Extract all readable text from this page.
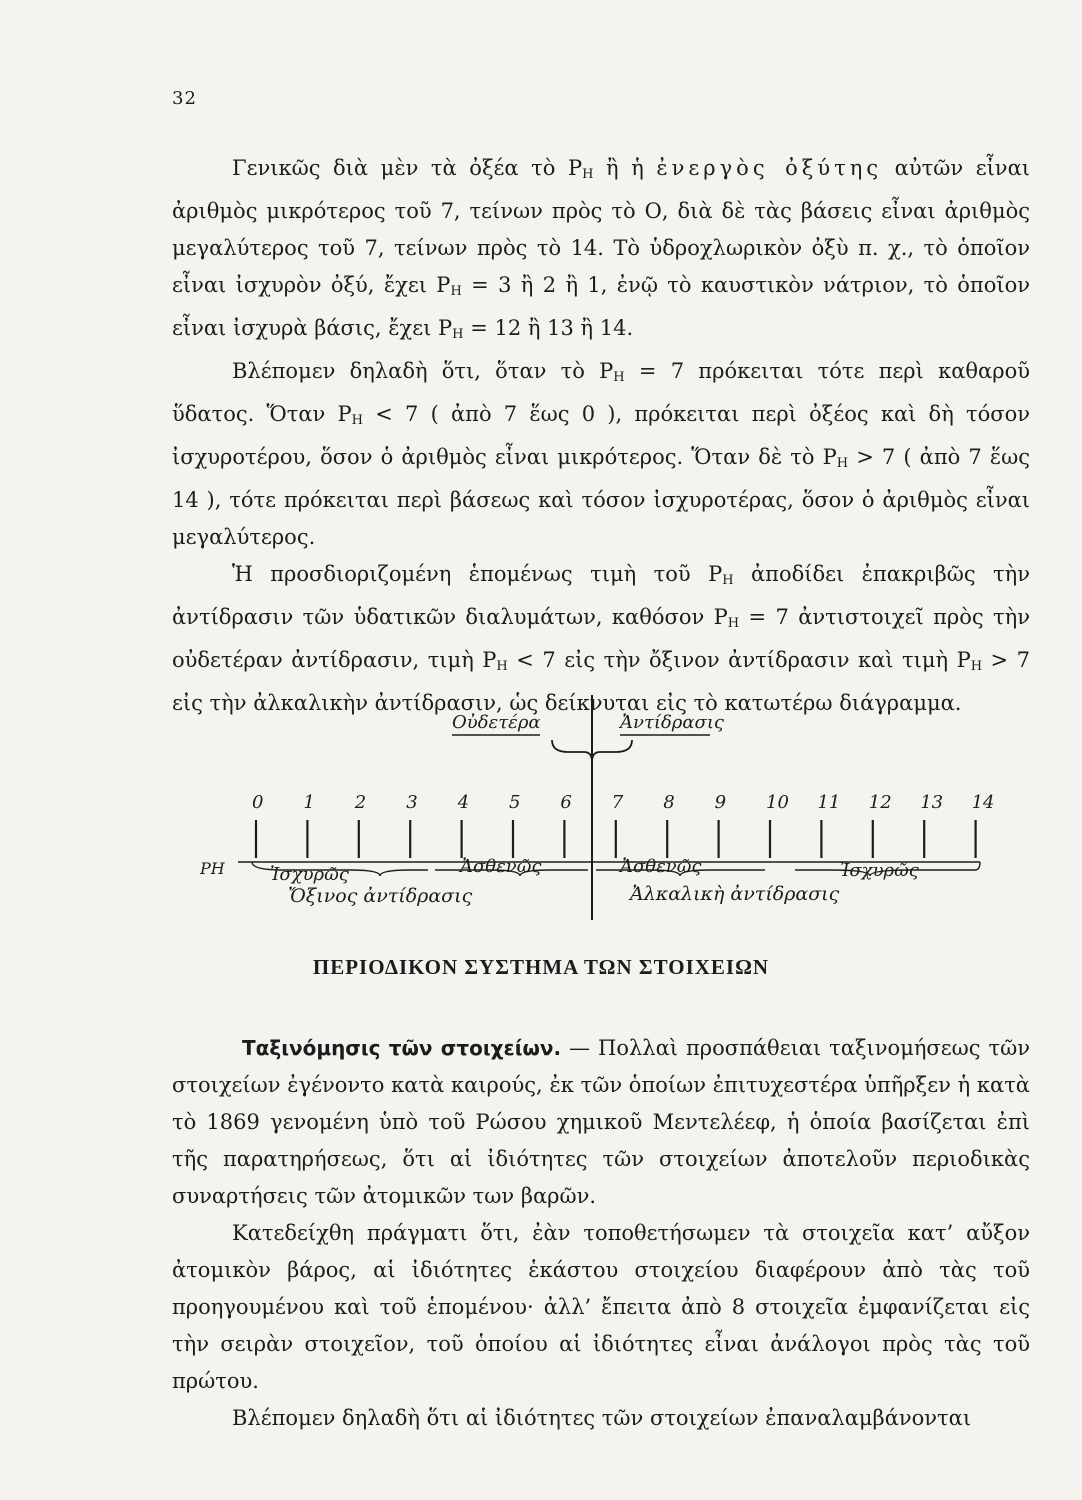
32

Γενικῶς διὰ μὲν τὰ ὀξέα τὸ $P_H$ ἢ ἡ ἐνεργὸς ὀξύτης αὐτῶν εἶναι ἀριθμὸς μικρότερος τοῦ 7, τείνων πρὸς τὸ Ο, διὰ δὲ τὰς βάσεις εἶναι ἀριθμὸς μεγαλύτερος τοῦ 7, τείνων πρὸς τὸ 14. Τὸ ὑδροχλωρικὸν ὀξὺ π. χ., τὸ ὁποῖον εἶναι ἰσχυρὸν ὀξύ, ἔχει $P_H = 3$ ἢ 2 ἢ 1, ἐνῷ τὸ καυστικὸν νάτριον, τὸ ὁποῖον εἶναι ἰσχυρὰ βάσις, ἔχει $P_H = 12$ ἢ 13 ἢ 14.

Βλέπομεν δηλαδὴ ὅτι, ὅταν τὸ $P_H = 7$ πρόκειται τότε περὶ καθαροῦ ὕδατος. Ὅταν $P_H < 7$ ( ἀπὸ 7 ἕως 0 ), πρόκειται περὶ ὀξέος καὶ δὴ τόσον ἰσχυροτέρου, ὅσον ὁ ἀριθμὸς εἶναι μικρότερος. Ὅταν δὲ τὸ $P_H > 7$ ( ἀπὸ 7 ἕως 14 ), τότε πρόκειται περὶ βάσεως καὶ τόσον ἰσχυροτέρας, ὅσον ὁ ἀριθμὸς εἶναι μεγαλύτερος.

Ἡ προσδιοριζομένη ἑπομένως τιμὴ τοῦ $P_H$ ἀποδίδει ἐπακριβῶς τὴν ἀντίδρασιν τῶν ὑδατικῶν διαλυμάτων, καθόσον $P_H = 7$ ἀντιστοιχεῖ πρὸς τὴν οὐδετέραν ἀντίδρασιν, τιμὴ $P_H < 7$ εἰς τὴν ὄξινον ἀντίδρασιν καὶ τιμὴ $P_H > 7$ εἰς τὴν ἀλκαλικὴν ἀντίδρασιν, ὡς δείκνυται εἰς τὸ κατωτέρω διάγραμμα.

Οὐδετέρα	Ἀντίδρασις
0 1 2 3 4 5 6 7 8 9 10 11 12 13 14
PH	Ἰσχυρῶς	Ἀσθενῶς
Ὄξινος ἀντίδρασις
Ἀσθενῶς	Ἰσχυρῶς
Ἀλκαλικὴ ἀντίδρασις
ΠΕΡΙΟΔΙΚΟΝ ΣΥΣΤΗΜΑ ΤΩΝ ΣΤΟΙΧΕΙΩΝ

Ταξινόμησις τῶν στοιχείων. — Πολλαὶ προσπάθειαι ταξινομήσεως τῶν στοιχείων ἐγένοντο κατὰ καιρούς, ἐκ τῶν ὁποίων ἐπιτυχεστέρα ὑπῆρξεν ἡ κατὰ τὸ 1869 γενομένη ὑπὸ τοῦ Ρώσου χημικοῦ Μεντελέεφ, ἡ ὁποία βασίζεται ἐπὶ τῆς παρατηρήσεως, ὅτι αἱ ἰδιότητες τῶν στοιχείων ἀποτελοῦν περιοδικὰς συναρτήσεις τῶν ἀτομικῶν των βαρῶν.

Κατεδείχθη πράγματι ὅτι, ἐὰν τοποθετήσωμεν τὰ στοιχεῖα κατ’ αὔξον ἀτομικὸν βάρος, αἱ ἰδιότητες ἑκάστου στοιχείου διαφέρουν ἀπὸ τὰς τοῦ προηγουμένου καὶ τοῦ ἑπομένου· ἀλλ’ ἔπειτα ἀπὸ 8 στοιχεῖα ἐμφανίζεται εἰς τὴν σειρὰν στοιχεῖον, τοῦ ὁποίου αἱ ἰδιότητες εἶναι ἀνάλογοι πρὸς τὰς τοῦ πρώτου.

Βλέπομεν δηλαδὴ ὅτι αἱ ἰδιότητες τῶν στοιχείων ἐπαναλαμβάνονται
